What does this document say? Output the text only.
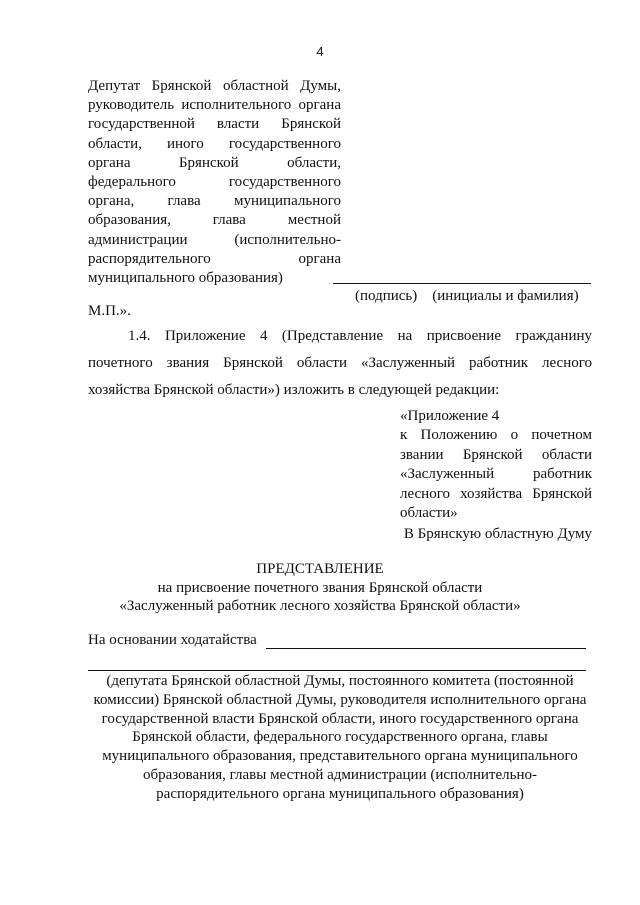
4
Депутат Брянской областной Думы,
руководитель исполнительного органа
государственной власти Брянской
области, иного государственного
органа Брянской области,
федерального государственного
органа, глава муниципального
образования, глава местной
администрации (исполнительно-
распорядительного органа
муниципального образования)
(подпись) (инициалы и фамилия)
М.П.».
1.4. Приложение 4 (Представление на присвоение гражданину
почетного звания Брянской области «Заслуженный работник лесного
хозяйства Брянской области») изложить в следующей редакции:
«Приложение 4
к Положению о почетном
звании Брянской области
«Заслуженный работник
лесного хозяйства Брянской
области»
В Брянскую областную Думу
ПРЕДСТАВЛЕНИЕ
на присвоение почетного звания Брянской области
«Заслуженный работник лесного хозяйства Брянской области»
На основании ходатайства
(депутата Брянской областной Думы, постоянного комитета (постоянной
комиссии) Брянской областной Думы, руководителя исполнительного органа
государственной власти Брянской области, иного государственного органа
Брянской области, федерального государственного органа, главы
муниципального образования, представительного органа муниципального
образования, главы местной администрации (исполнительно-
распорядительного органа муниципального образования)
